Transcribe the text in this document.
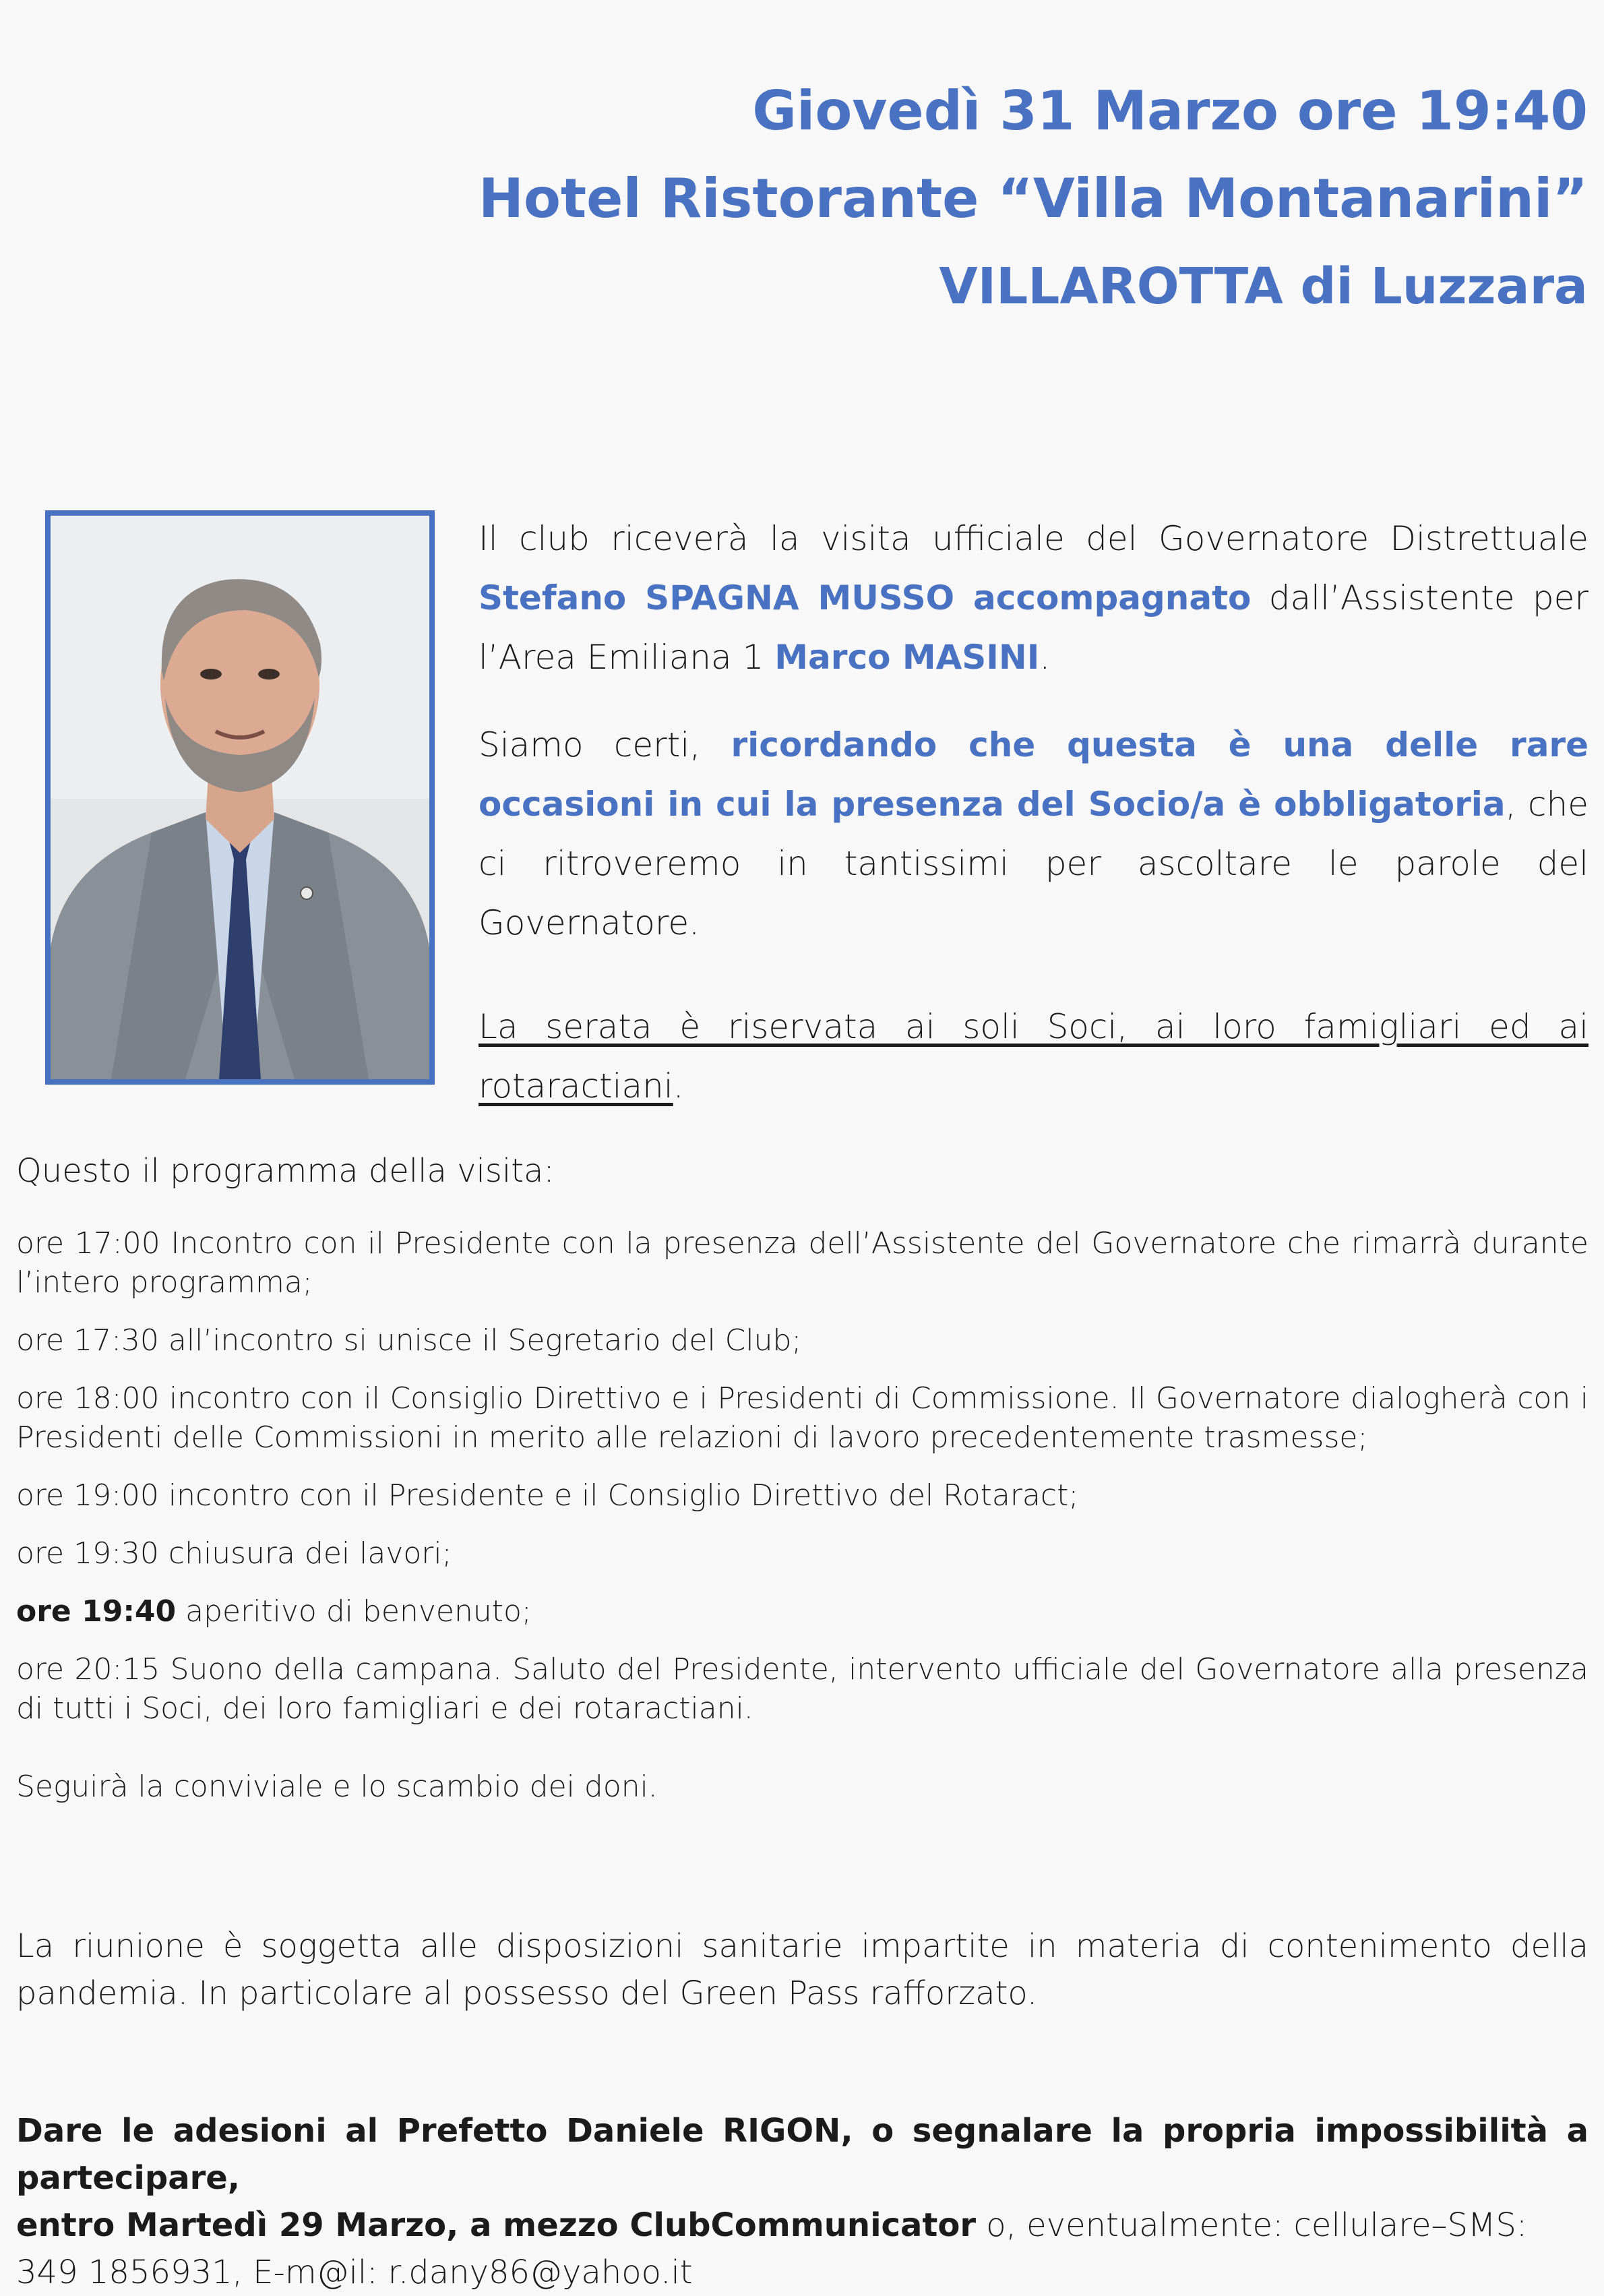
Giovedì 31 Marzo ore 19:40
Hotel Ristorante “Villa Montanarini”
VILLAROTTA di Luzzara

Il club riceverà la visita ufficiale del Governatore Distrettuale Stefano SPAGNA MUSSO accompagnato dall’Assistente per l’Area Emiliana 1 Marco MASINI.

Siamo certi, ricordando che questa è una delle rare occasioni in cui la presenza del Socio/a è obbligatoria, che ci ritroveremo in tantissimi per ascoltare le parole del Governatore.

La serata è riservata ai soli Soci, ai loro famigliari ed ai rotaractiani.

Questo il programma della visita:

ore 17:00 Incontro con il Presidente con la presenza dell’Assistente del Governatore che rimarrà durante l’intero programma;

ore 17:30 all’incontro si unisce il Segretario del Club;

ore 18:00 incontro con il Consiglio Direttivo e i Presidenti di Commissione. Il Governatore dialogherà con i Presidenti delle Commissioni in merito alle relazioni di lavoro precedentemente trasmesse;

ore 19:00 incontro con il Presidente e il Consiglio Direttivo del Rotaract;

ore 19:30 chiusura dei lavori;

ore 19:40 aperitivo di benvenuto;

ore 20:15 Suono della campana. Saluto del Presidente, intervento ufficiale del Governatore alla presenza di tutti i Soci, dei loro famigliari e dei rotaractiani.

Seguirà la conviviale e lo scambio dei doni.

La riunione è soggetta alle disposizioni sanitarie impartite in materia di contenimento della pandemia. In particolare al possesso del Green Pass rafforzato.

Dare le adesioni al Prefetto Daniele RIGON, o segnalare la propria impossibilità a partecipare,

entro Martedì 29 Marzo, a mezzo ClubCommunicator o, eventualmente: cellulare–SMS:

349 1856931, E-m@il: r.dany86@yahoo.it
